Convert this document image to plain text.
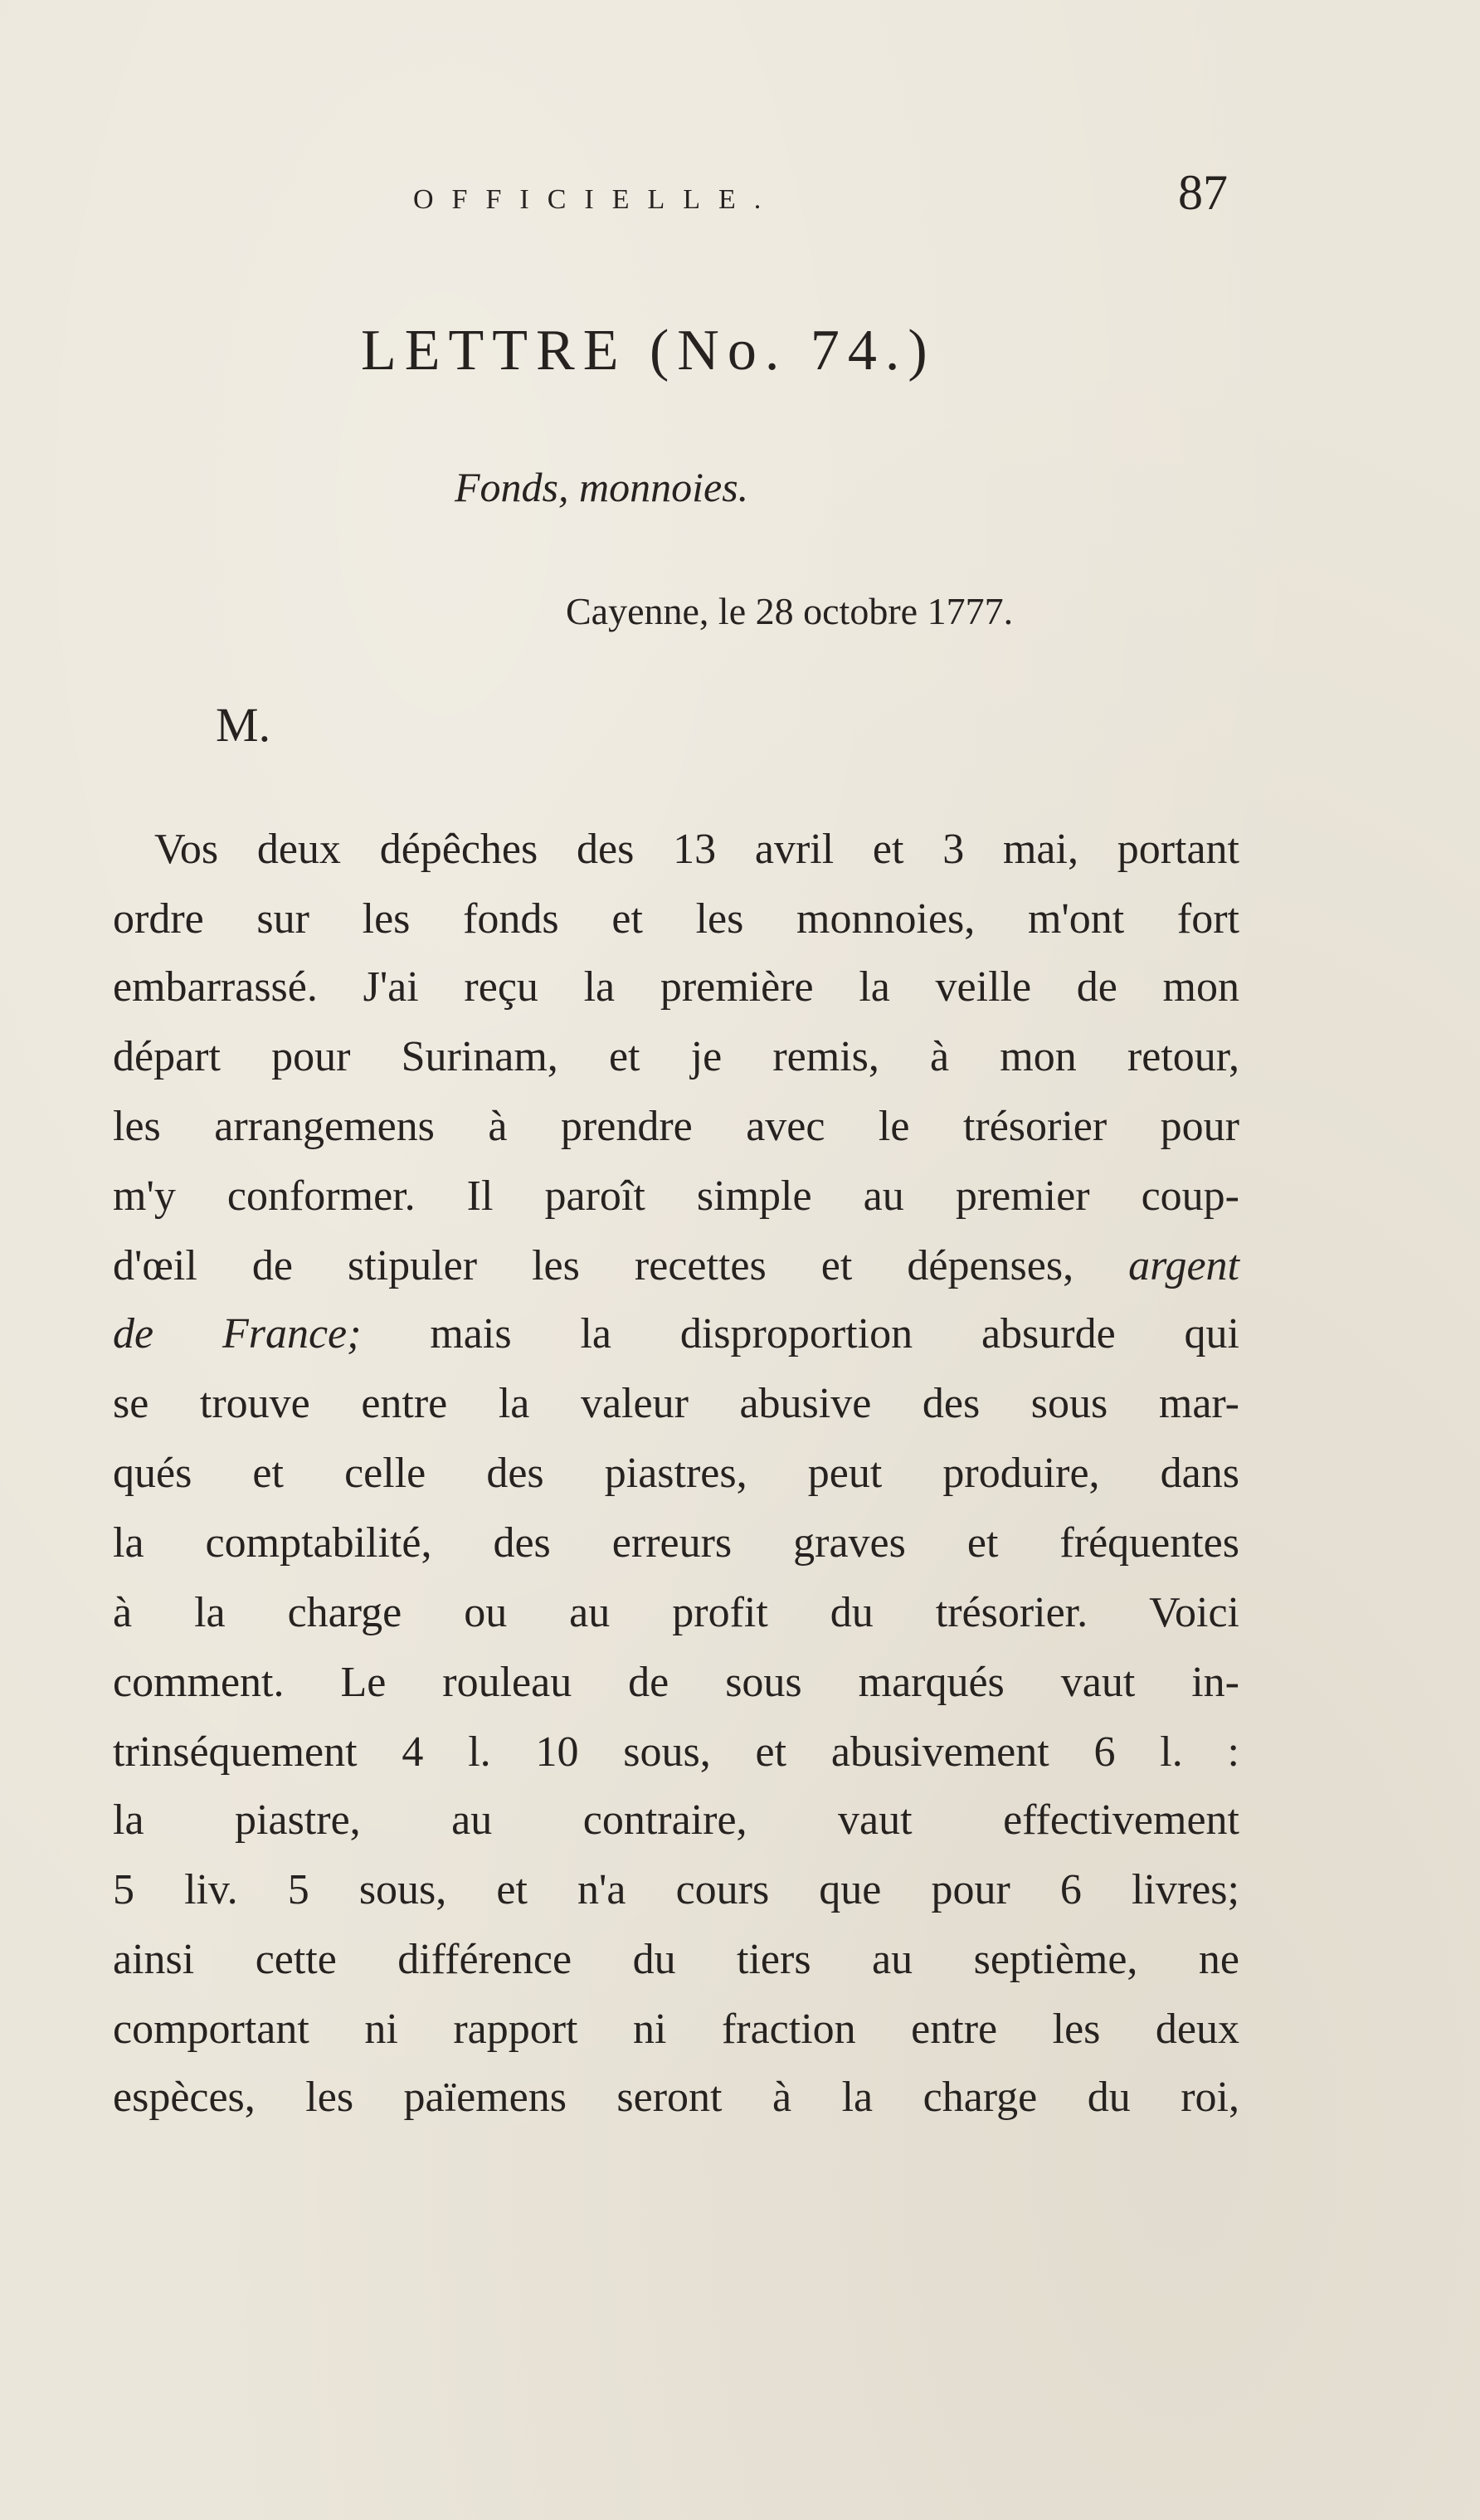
OFFICIELLE.	87
LETTRE (No. 74.)
Fonds, monnoies.
Cayenne, le 28 octobre 1777.
M.
Vos deux dépêches des 13 avril et 3 mai, portant
ordre sur les fonds et les monnoies, m'ont fort
embarrassé. J'ai reçu la première la veille de mon
départ pour Surinam, et je remis, à mon retour,
les arrangemens à prendre avec le trésorier pour
m'y conformer. Il paroît simple au premier coup-
d'œil de stipuler les recettes et dépenses, argent
de France; mais la disproportion absurde qui
se trouve entre la valeur abusive des sous mar-
qués et celle des piastres, peut produire, dans
la comptabilité, des erreurs graves et fréquentes
à la charge ou au profit du trésorier. Voici
comment. Le rouleau de sous marqués vaut in-
trinséquement 4 l. 10 sous, et abusivement 6 l. :
la piastre, au contraire, vaut effectivement
5 liv. 5 sous, et n'a cours que pour 6 livres;
ainsi cette différence du tiers au septième, ne
comportant ni rapport ni fraction entre les deux
espèces, les païemens seront à la charge du roi,
